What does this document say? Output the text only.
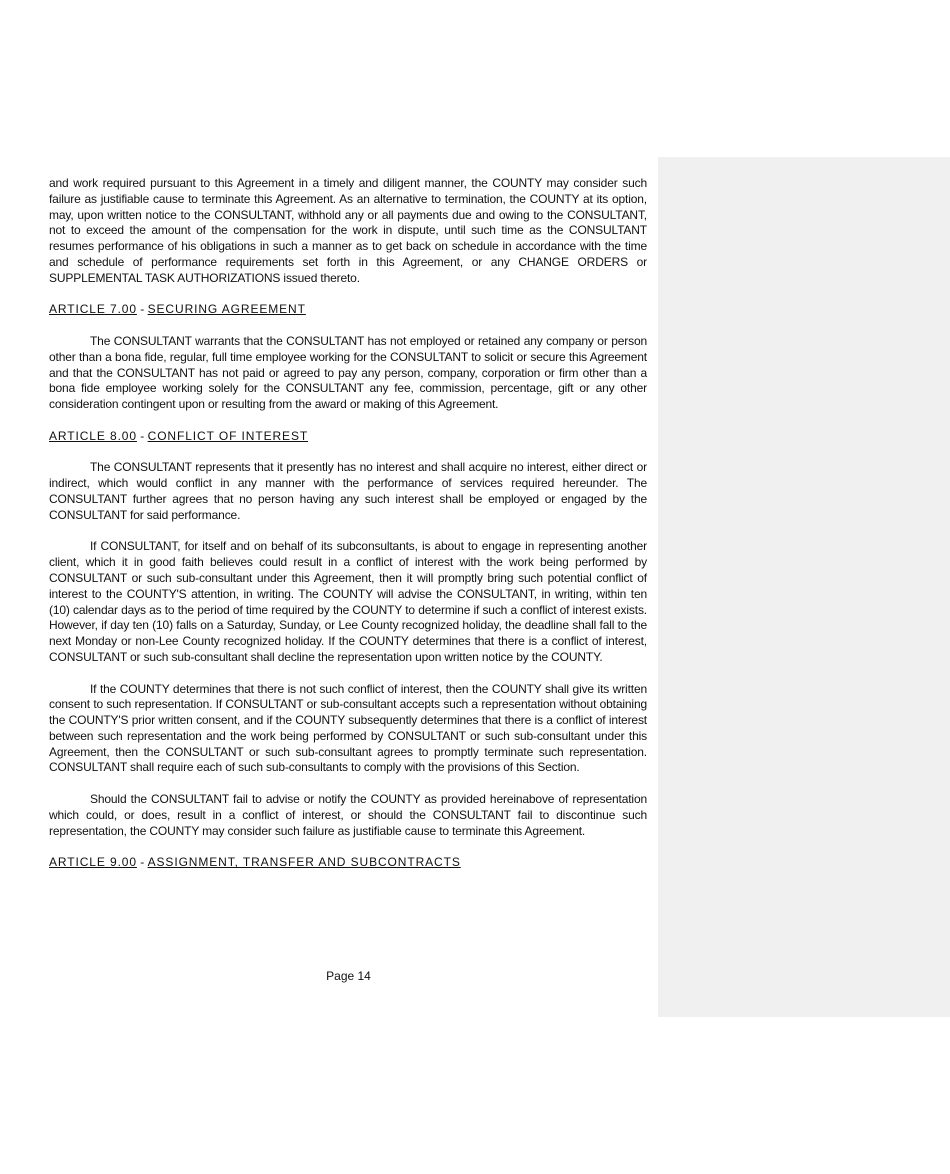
and work required pursuant to this Agreement in a timely and diligent manner, the COUNTY may consider such failure as justifiable cause to terminate this Agreement. As an alternative to termination, the COUNTY at its option, may, upon written notice to the CONSULTANT, withhold any or all payments due and owing to the CONSULTANT, not to exceed the amount of the compensation for the work in dispute, until such time as the CONSULTANT resumes performance of his obligations in such a manner as to get back on schedule in accordance with the time and schedule of performance requirements set forth in this Agreement, or any CHANGE ORDERS or SUPPLEMENTAL TASK AUTHORIZATIONS issued thereto.

ARTICLE 7.00 - SECURING AGREEMENT

The CONSULTANT warrants that the CONSULTANT has not employed or retained any company or person other than a bona fide, regular, full time employee working for the CONSULTANT to solicit or secure this Agreement and that the CONSULTANT has not paid or agreed to pay any person, company, corporation or firm other than a bona fide employee working solely for the CONSULTANT any fee, commission, percentage, gift or any other consideration contingent upon or resulting from the award or making of this Agreement.

ARTICLE 8.00 - CONFLICT OF INTEREST

The CONSULTANT represents that it presently has no interest and shall acquire no interest, either direct or indirect, which would conflict in any manner with the performance of services required hereunder. The CONSULTANT further agrees that no person having any such interest shall be employed or engaged by the CONSULTANT for said performance.

If CONSULTANT, for itself and on behalf of its subconsultants, is about to engage in representing another client, which it in good faith believes could result in a conflict of interest with the work being performed by CONSULTANT or such sub-consultant under this Agreement, then it will promptly bring such potential conflict of interest to the COUNTY'S attention, in writing. The COUNTY will advise the CONSULTANT, in writing, within ten (10) calendar days as to the period of time required by the COUNTY to determine if such a conflict of interest exists. However, if day ten (10) falls on a Saturday, Sunday, or Lee County recognized holiday, the deadline shall fall to the next Monday or non-Lee County recognized holiday. If the COUNTY determines that there is a conflict of interest, CONSULTANT or such sub-consultant shall decline the representation upon written notice by the COUNTY.

If the COUNTY determines that there is not such conflict of interest, then the COUNTY shall give its written consent to such representation. If CONSULTANT or sub-consultant accepts such a representation without obtaining the COUNTY'S prior written consent, and if the COUNTY subsequently determines that there is a conflict of interest between such representation and the work being performed by CONSULTANT or such sub-consultant under this Agreement, then the CONSULTANT or such sub-consultant agrees to promptly terminate such representation. CONSULTANT shall require each of such sub-consultants to comply with the provisions of this Section.

Should the CONSULTANT fail to advise or notify the COUNTY as provided hereinabove of representation which could, or does, result in a conflict of interest, or should the CONSULTANT fail to discontinue such representation, the COUNTY may consider such failure as justifiable cause to terminate this Agreement.

ARTICLE 9.00 - ASSIGNMENT, TRANSFER AND SUBCONTRACTS

Page 14
